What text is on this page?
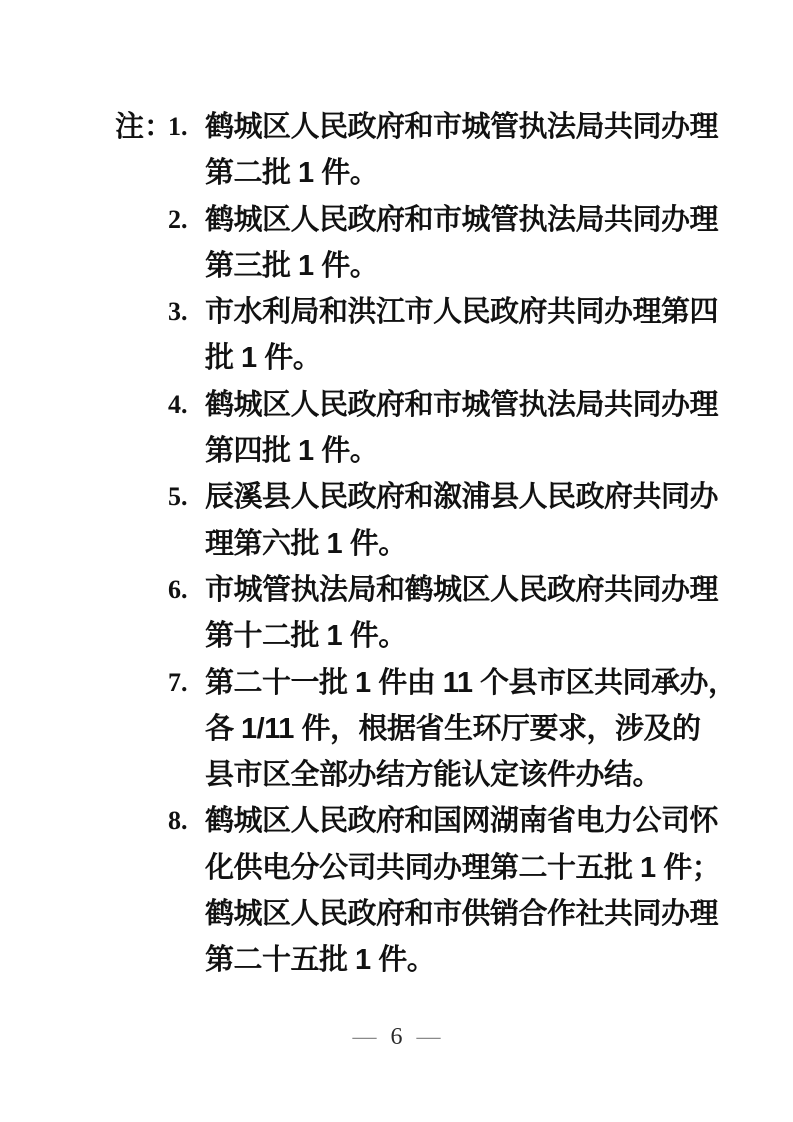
注：
1. 鹤城区人民政府和市城管执法局共同办理
第二批 1 件。
2. 鹤城区人民政府和市城管执法局共同办理
第三批 1 件。
3. 市水利局和洪江市人民政府共同办理第四
批 1 件。
4. 鹤城区人民政府和市城管执法局共同办理
第四批 1 件。
5. 辰溪县人民政府和溆浦县人民政府共同办
理第六批 1 件。
6. 市城管执法局和鹤城区人民政府共同办理
第十二批 1 件。
7. 第二十一批 1 件由 11 个县市区共同承办，
各 1/11 件，根据省生环厅要求，涉及的
县市区全部办结方能认定该件办结。
8. 鹤城区人民政府和国网湖南省电力公司怀
化供电分公司共同办理第二十五批 1 件；
鹤城区人民政府和市供销合作社共同办理
第二十五批 1 件。
— 6 —
